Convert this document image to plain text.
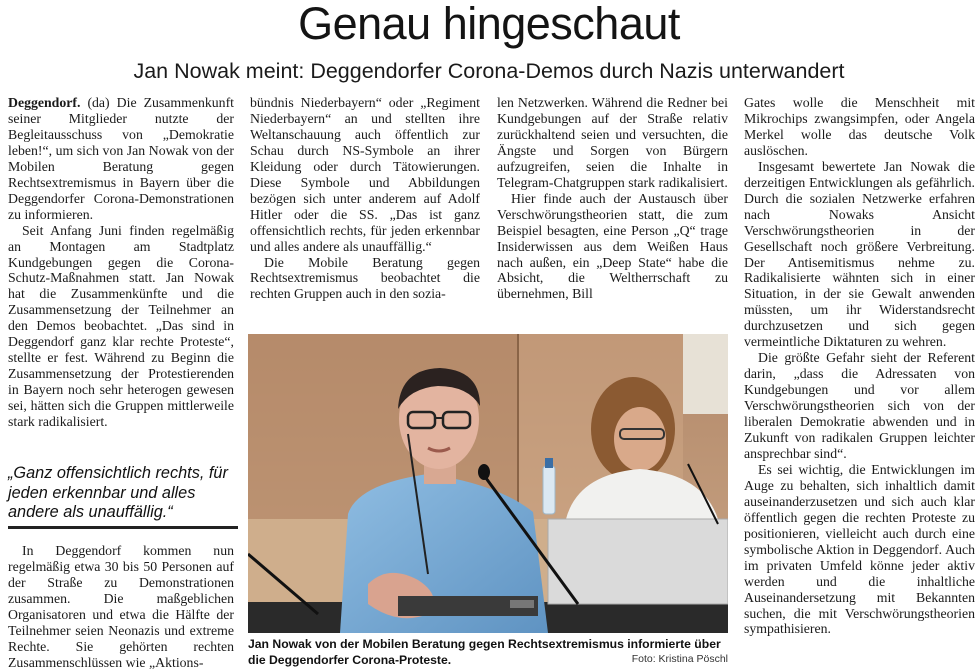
Genau hingeschaut
Jan Nowak meint: Deggendorfer Corona-Demos durch Nazis unterwandert

Deggendorf. (da) Die Zusammenkunft seiner Mitglieder nutzte der Begleitausschuss von „Demokratie leben!“, um sich von Jan Nowak von der Mobilen Beratung gegen Rechtsextremismus in Bayern über die Deggendorfer Corona-Demonstrationen zu informieren.

Seit Anfang Juni finden regelmäßig an Montagen am Stadtplatz Kundgebungen gegen die Corona-Schutz-Maßnahmen statt. Jan Nowak hat die Zusammenkünfte und die Zusammensetzung der Teilnehmer an den Demos beobachtet. „Das sind in Deggendorf ganz klar rechte Proteste“, stellte er fest. Während zu Beginn die Zusammensetzung der Protestierenden in Bayern noch sehr heterogen gewesen sei, hätten sich die Gruppen mittlerweile stark radikalisiert.

„Ganz offensichtlich rechts, für jeden erkennbar und alles andere als unauffällig.“

In Deggendorf kommen nun regelmäßig etwa 30 bis 50 Personen auf der Straße zu Demonstrationen zusammen. Die maßgeblichen Organisatoren und etwa die Hälfte der Teilnehmer seien Neonazis und extreme Rechte. Sie gehörten rechten Zusammenschlüssen wie „Aktions-

bündnis Niederbayern“ oder „Regiment Niederbayern“ an und stellten ihre Weltanschauung auch öffentlich zur Schau durch NS-Symbole an ihrer Kleidung oder durch Tätowierungen. Diese Symbole und Abbildungen bezögen sich unter anderem auf Adolf Hitler oder die SS. „Das ist ganz offensichtlich rechts, für jeden erkennbar und alles andere als unauffällig.“

Die Mobile Beratung gegen Rechtsextremismus beobachtet die rechten Gruppen auch in den sozia-

len Netzwerken. Während die Redner bei Kundgebungen auf der Straße relativ zurückhaltend seien und versuchten, die Ängste und Sorgen von Bürgern aufzugreifen, seien die Inhalte in Telegram-Chatgruppen stark radikalisiert.

Hier finde auch der Austausch über Verschwörungstheorien statt, die zum Beispiel besagten, eine Person „Q“ trage Insiderwissen aus dem Weißen Haus nach außen, ein „Deep State“ habe die Absicht, die Weltherrschaft zu übernehmen, Bill

Gates wolle die Menschheit mit Mikrochips zwangsimpfen, oder Angela Merkel wolle das deutsche Volk auslöschen.

Insgesamt bewertete Jan Nowak die derzeitigen Entwicklungen als gefährlich. Durch die sozialen Netzwerke erfahren nach Nowaks Ansicht Verschwörungstheorien in der Gesellschaft noch größere Verbreitung. Der Antisemitismus nehme zu. Radikalisierte wähnten sich in einer Situation, in der sie Gewalt anwenden müssten, um ihr Widerstandsrecht durchzusetzen und sich gegen vermeintliche Diktaturen zu wehren.

Die größte Gefahr sieht der Referent darin, „dass die Adressaten von Kundgebungen und vor allem Verschwörungstheorien sich von der liberalen Demokratie abwenden und in Zukunft von radikalen Gruppen leichter ansprechbar sind“.

Es sei wichtig, die Entwicklungen im Auge zu behalten, sich inhaltlich damit auseinanderzusetzen und sich auch klar öffentlich gegen die rechten Proteste zu positionieren, vielleicht auch durch eine symbolische Aktion in Deggendorf. Auch im privaten Umfeld könne jeder aktiv werden und die inhaltliche Auseinandersetzung mit Bekannten suchen, die mit Verschwörungstheorien sympathisieren.

Jan Nowak von der Mobilen Beratung gegen Rechtsextremismus informierte über die Deggendorfer Corona-Proteste.	Foto: Kristina Pöschl
